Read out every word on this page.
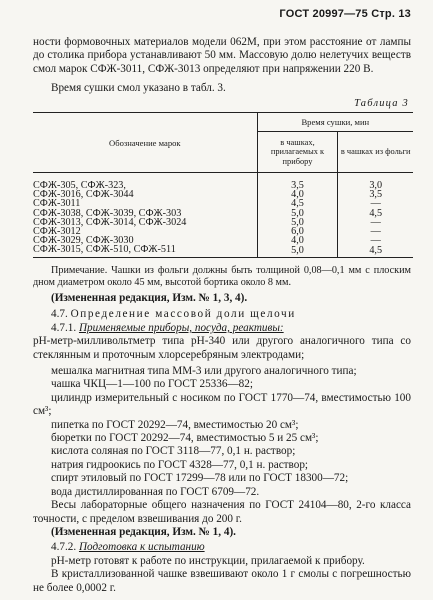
ГОСТ 20997—75 Стр. 13

ности формовочных материалов модели 062М, при этом расстояние от лампы до столика прибора устанавливают 50 мм. Массовую долю нелетучих веществ смол марок СФЖ-3011, СФЖ-3013 определяют при напряжении 220 В.

Время сушки смол указано в табл. 3.

Таблица 3
Обозначение марок	Время сушки, мин	
	в чашках, прилагаемых к прибору	в чашках из фольги

СФЖ-305, СФЖ-323,	3,5	3,0
СФЖ-3016, СФЖ-3044	4,0	3,5
СФЖ-3011	4,5	—
СФЖ-3038, СФЖ-3039, СФЖ-303	5,0	4,5
СФЖ-3013, СФЖ-3014, СФЖ-3024	5,0	—
СФЖ-3012	6,0	—
СФЖ-3029, СФЖ-3030	4,0	—
СФЖ-3015, СФЖ-510, СФЖ-511	5,0	4,5

Примечание. Чашки из фольги должны быть толщиной 0,08—0,1 мм с плоским дном диаметром около 45 мм, высотой бортика около 8 мм.

(Измененная редакция, Изм. № 1, 3, 4).

4.7. Определение массовой доли щелочи

4.7.1. Применяемые приборы, посуда, реактивы:

рН-метр-милливольтметр типа рН-340 или другого аналогичного типа со стеклянным и проточным хлорсеребряным электродами;

мешалка магнитная типа ММ-3 или другого аналогичного типа;

чашка ЧКЦ—1—100 по ГОСТ 25336—82;

цилиндр измерительный с носиком по ГОСТ 1770—74, вместимостью 100 см³;

пипетка по ГОСТ 20292—74, вместимостью 20 см³;

бюретки по ГОСТ 20292—74, вместимостью 5 и 25 см³;

кислота соляная по ГОСТ 3118—77, 0,1 н. раствор;

натрия гидроокись по ГОСТ 4328—77, 0,1 н. раствор;

спирт этиловый по ГОСТ 17299—78 или по ГОСТ 18300—72;

вода дистиллированная по ГОСТ 6709—72.

Весы лабораторные общего назначения по ГОСТ 24104—80, 2-го класса точности, с пределом взвешивания до 200 г.

(Измененная редакция, Изм. № 1, 4).

4.7.2. Подготовка к испытанию

рН-метр готовят к работе по инструкции, прилагаемой к прибору.

В кристаллизованной чашке взвешивают около 1 г смолы с погрешностью не более 0,0002 г.
